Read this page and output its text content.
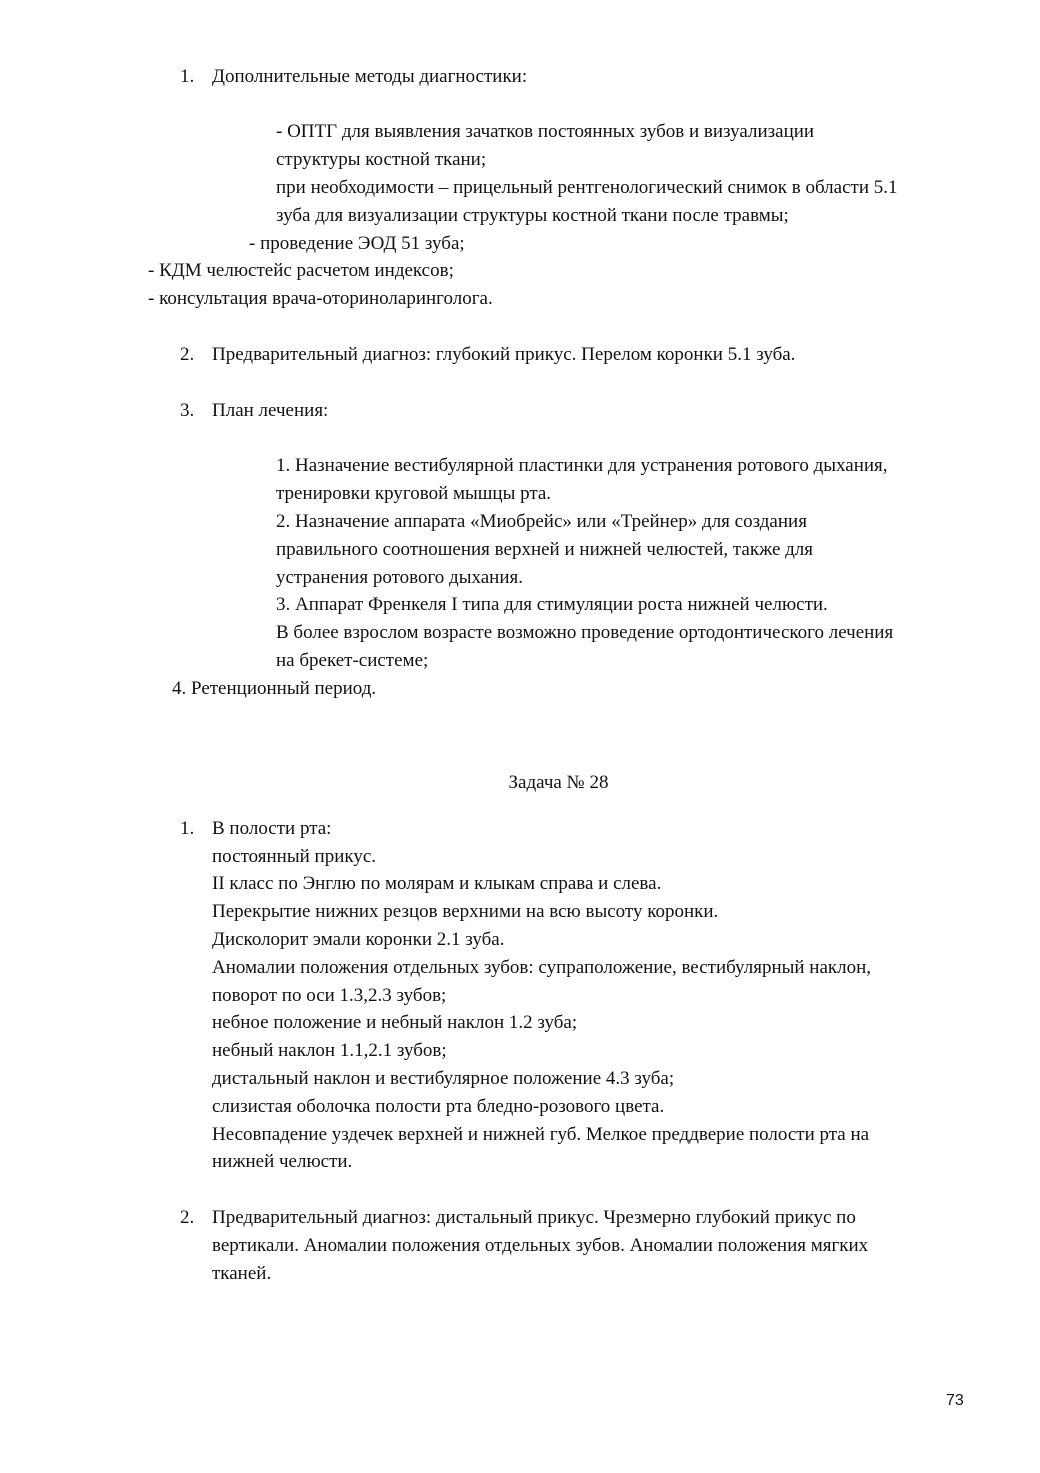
1. Дополнительные методы диагностики:
- ОПТГ для выявления зачатков постоянных зубов и визуализации
структуры костной ткани;
при необходимости – прицельный рентгенологический снимок в области 5.1
зуба для визуализации структуры костной ткани после травмы;
- проведение ЭОД 51 зуба;
- КДМ челюстейс расчетом индексов;
- консультация врача-оториноларинголога.
2. Предварительный диагноз: глубокий прикус. Перелом коронки 5.1 зуба.
3. План лечения:
1. Назначение вестибулярной пластинки для устранения ротового дыхания,
тренировки круговой мышцы рта.
2. Назначение аппарата «Миобрейс» или «Трейнер» для создания
правильного соотношения верхней и нижней челюстей, также для
устранения ротового дыхания.
3. Аппарат Френкеля I типа для стимуляции роста нижней челюсти.
В более взрослом возрасте возможно проведение ортодонтического лечения
на брекет-системе;
4. Ретенционный период.
Задача № 28
1. В полости рта:
постоянный прикус.
II класс по Энглю по молярам и клыкам справа и слева.
Перекрытие нижних резцов верхними на всю высоту коронки.
Дисколорит эмали коронки 2.1 зуба.
Аномалии положения отдельных зубов: супраположение, вестибулярный наклон,
поворот по оси 1.3,2.3 зубов;
небное положение и небный наклон 1.2 зуба;
небный наклон 1.1,2.1 зубов;
дистальный наклон и вестибулярное положение 4.3 зуба;
слизистая оболочка полости рта бледно-розового цвета.
Несовпадение уздечек верхней и нижней губ. Мелкое преддверие полости рта на
нижней челюсти.
2. Предварительный диагноз: дистальный прикус. Чрезмерно глубокий прикус по
вертикали. Аномалии положения отдельных зубов. Аномалии положения мягких
тканей.
73
